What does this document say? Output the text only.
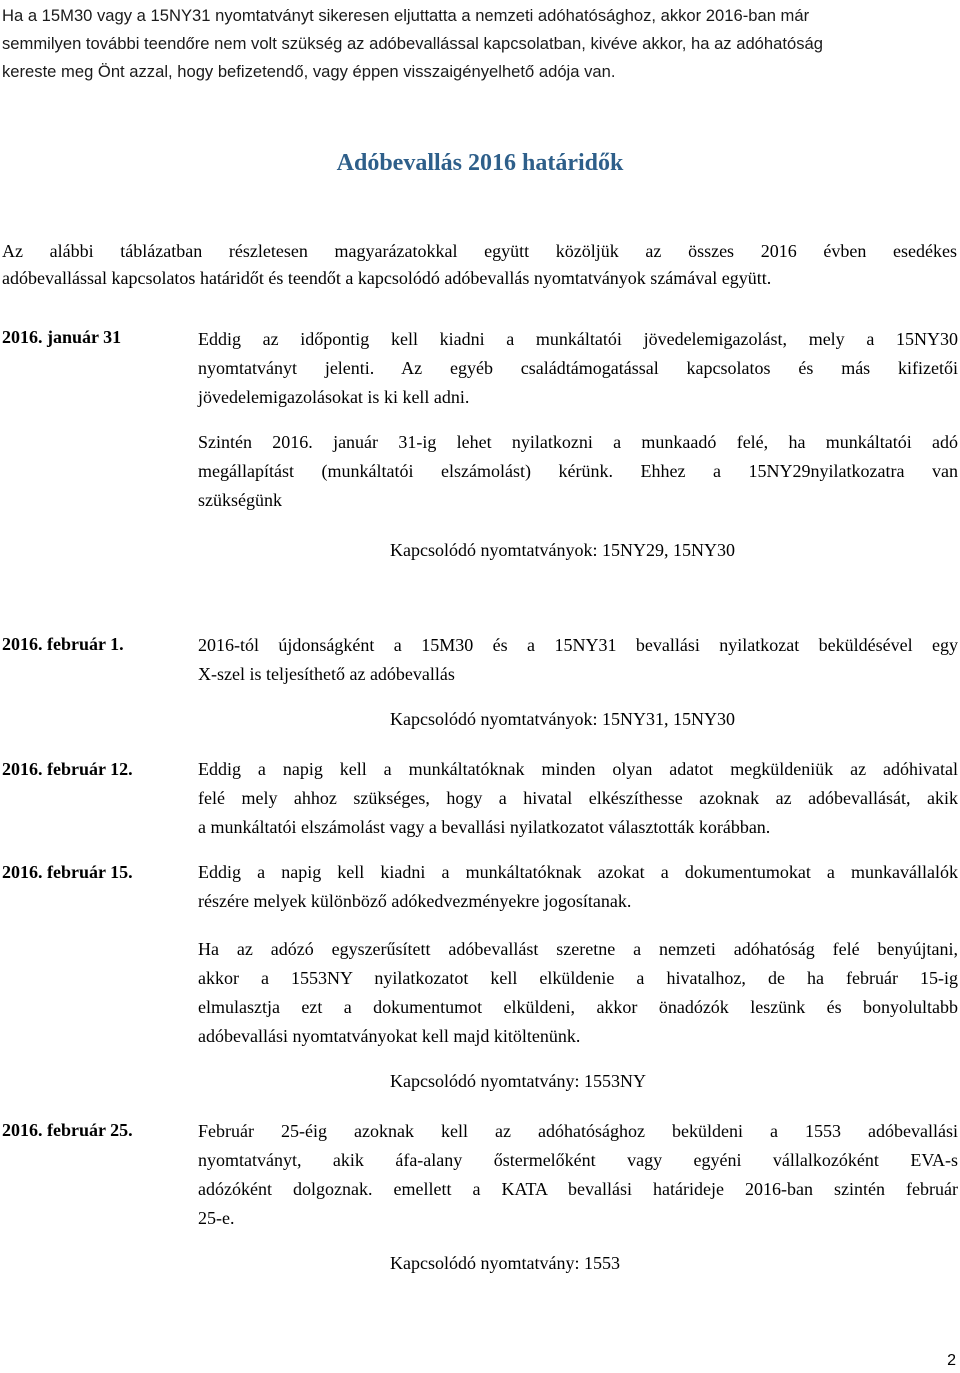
Ha a 15M30 vagy a 15NY31 nyomtatványt sikeresen eljuttatta a nemzeti adóhatósághoz, akkor 2016-ban már
semmilyen további teendőre nem volt szükség az adóbevallással kapcsolatban, kivéve akkor, ha az adóhatóság
kereste meg Önt azzal, hogy befizetendő, vagy éppen visszaigényelhető adója van.

Adóbevallás 2016 határidők

Az alábbi táblázatban részletesen magyarázatokkal együtt közöljük az összes 2016 évben esedékes
adóbevallással kapcsolatos határidőt és teendőt a kapcsolódó adóbevallás nyomtatványok számával együtt.

2016. január 31	Eddig az időpontig kell kiadni a munkáltatói jövedelemigazolást, mely a 15NY30
nyomtatványt jelenti. Az egyéb családtámogatással kapcsolatos és más kifizetői
jövedelemigazolásokat is ki kell adni.

Szintén 2016. január 31-ig lehet nyilatkozni a munkaadó felé, ha munkáltatói adó
megállapítást (munkáltatói elszámolást) kérünk. Ehhez a 15NY29nyilatkozatra van
szükségünk

Kapcsolódó nyomtatványok: 15NY29, 15NY30
2016. február 1.	2016-tól újdonságként a 15M30 és a 15NY31 bevallási nyilatkozat beküldésével egy
X-szel is teljesíthető az adóbevallás

Kapcsolódó nyomtatványok: 15NY31, 15NY30
2016. február 12.	Eddig a napig kell a munkáltatóknak minden olyan adatot megküldeniük az adóhivatal
felé mely ahhoz szükséges, hogy a hivatal elkészíthesse azoknak az adóbevallását, akik
a munkáltatói elszámolást vagy a bevallási nyilatkozatot választották korábban.

2016. február 15.	Eddig a napig kell kiadni a munkáltatóknak azokat a dokumentumokat a munkavállalók
részére melyek különböző adókedvezményekre jogosítanak.

Ha az adózó egyszerűsített adóbevallást szeretne a nemzeti adóhatóság felé benyújtani,
akkor a 1553NY nyilatkozatot kell elküldenie a hivatalhoz, de ha február 15-ig
elmulasztja ezt a dokumentumot elküldeni, akkor önadózók leszünk és bonyolultabb
adóbevallási nyomtatványokat kell majd kitöltenünk.

Kapcsolódó nyomtatvány: 1553NY
2016. február 25.	Február 25-éig azoknak kell az adóhatósághoz beküldeni a 1553 adóbevallási
nyomtatványt, akik áfa-alany őstermelőként vagy egyéni vállalkozóként EVA-s
adózóként dolgoznak. emellett a KATA bevallási határideje 2016-ban szintén február
25-e.

Kapcsolódó nyomtatvány: 1553
2
